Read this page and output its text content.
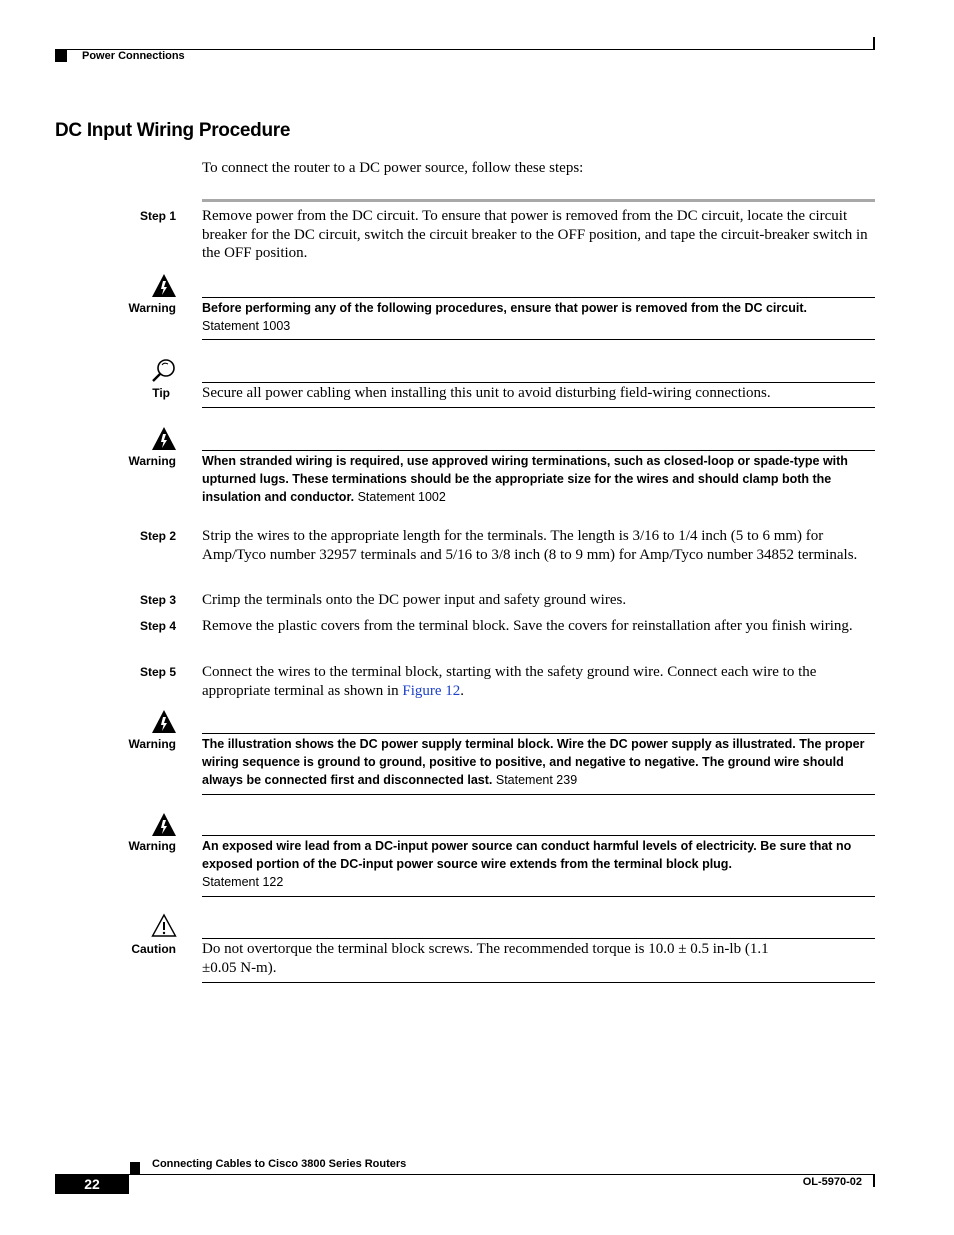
Power Connections
DC Input Wiring Procedure
To connect the router to a DC power source, follow these steps:
Step 1 Remove power from the DC circuit. To ensure that power is removed from the DC circuit, locate the circuit breaker for the DC circuit, switch the circuit breaker to the OFF position, and tape the circuit-breaker switch in the OFF position.
Warning Before performing any of the following procedures, ensure that power is removed from the DC circuit.
Statement 1003
Tip Secure all power cabling when installing this unit to avoid disturbing field-wiring connections.
Warning When stranded wiring is required, use approved wiring terminations, such as closed-loop or spade-type with upturned lugs. These terminations should be the appropriate size for the wires and should clamp both the insulation and conductor. Statement 1002
Step 2 Strip the wires to the appropriate length for the terminals. The length is 3/16 to 1/4 inch (5 to 6 mm) for Amp/Tyco number 32957 terminals and 5/16 to 3/8 inch (8 to 9 mm) for Amp/Tyco number 34852 terminals.
Step 3 Crimp the terminals onto the DC power input and safety ground wires.
Step 4 Remove the plastic covers from the terminal block. Save the covers for reinstallation after you finish wiring.
Step 5 Connect the wires to the terminal block, starting with the safety ground wire. Connect each wire to the appropriate terminal as shown in Figure 12.
Warning The illustration shows the DC power supply terminal block. Wire the DC power supply as illustrated. The proper wiring sequence is ground to ground, positive to positive, and negative to negative. The ground wire should always be connected first and disconnected last. Statement 239
Warning An exposed wire lead from a DC-input power source can conduct harmful levels of electricity. Be sure that no exposed portion of the DC-input power source wire extends from the terminal block plug.
Statement 122
Caution Do not overtorque the terminal block screws. The recommended torque is 10.0 ± 0.5 in-lb (1.1 ±0.05 N-m).
Connecting Cables to Cisco 3800 Series Routers
22	OL-5970-02
